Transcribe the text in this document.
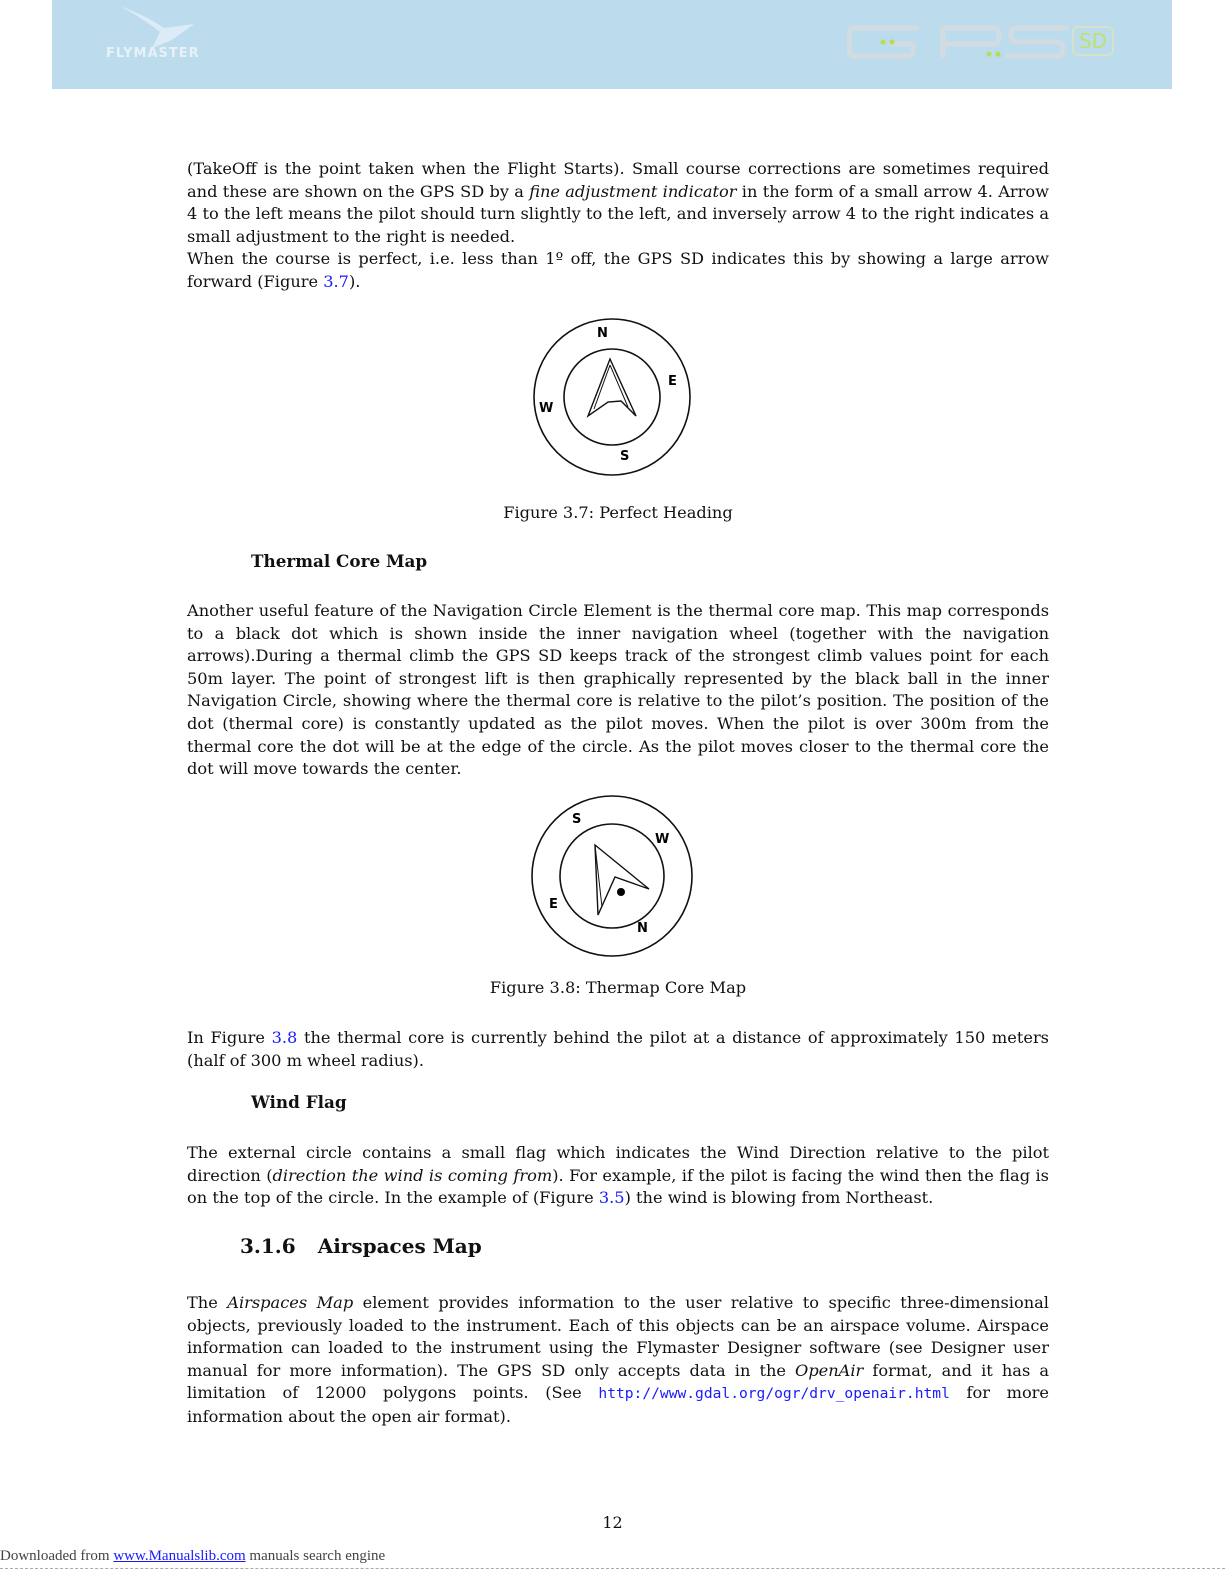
FLYMASTER
SD

(TakeOff is the point taken when the Flight Starts). Small course corrections are sometimes required and these are shown on the GPS SD by a fine adjustment indicator in the form of a small arrow 4. Arrow 4 to the left means the pilot should turn slightly to the left, and inversely arrow 4 to the right indicates a small adjustment to the right is needed.

When the course is perfect, i.e. less than 1º off, the GPS SD indicates this by showing a large arrow forward (Figure 3.7).

N
E
S
W
Figure 3.7: Perfect Heading
Thermal Core Map

Another useful feature of the Navigation Circle Element is the thermal core map. This map corresponds to a black dot which is shown inside the inner navigation wheel (together with the navigation arrows).During a thermal climb the GPS SD keeps track of the strongest climb values point for each 50m layer. The point of strongest lift is then graphically represented by the black ball in the inner Navigation Circle, showing where the thermal core is relative to the pilot’s position. The position of the dot (thermal core) is constantly updated as the pilot moves. When the pilot is over 300m from the thermal core the dot will be at the edge of the circle. As the pilot moves closer to the thermal core the dot will move towards the center.

S
W
E
N
Figure 3.8: Thermap Core Map

In Figure 3.8 the thermal core is currently behind the pilot at a distance of approximately 150 meters (half of 300 m wheel radius).

Wind Flag

The external circle contains a small flag which indicates the Wind Direction relative to the pilot direction (direction the wind is coming from). For example, if the pilot is facing the wind then the flag is on the top of the circle. In the example of (Figure 3.5) the wind is blowing from Northeast.

3.1.6 Airspaces Map

The Airspaces Map element provides information to the user relative to specific three-dimensional objects, previously loaded to the instrument. Each of this objects can be an airspace volume. Airspace information can loaded to the instrument using the Flymaster Designer software (see Designer user manual for more information). The GPS SD only accepts data in the OpenAir format, and it has a limitation of 12000 polygons points. (See http://www.gdal.org/ogr/drv_openair.html for more information about the open air format).

12
Downloaded from www.Manualslib.com manuals search engine
